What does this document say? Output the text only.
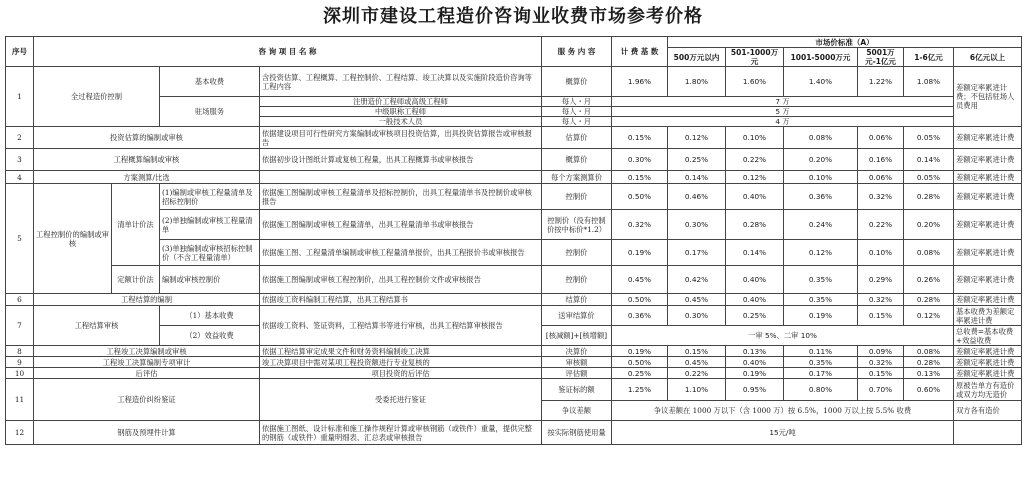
深圳市建设工程造价咨询业收费市场参考价格
序号	咨 询 项 目 名 称				服 务 内 容	计 费 基 数	市场价标准（A）	
							500万元以内	501-1000万元	1001-5000万元	5001万元-1亿元	1-6亿元	6亿元以上	
1	全过程造价控制		基本收费	含投资估算、工程概算、工程控制价、工程结算、竣工决算以及实施阶段造价咨询等工程内容	概算价	1.96%	1.80%	1.60%	1.40%	1.22%	1.08%	差额定率累进计费；不包括驻场人员费用	
			驻场服务	注册造价工程师或高级工程师	每人・月	7 万							
				中级职称工程师	每人・月	5 万							
				一般技术人员	每人・月	4 万							
2	投资估算的编制或审核			依据建设项目可行性研究方案编制或审核项目投资估算，出具投资估算报告或审核报告	估算价	0.15%	0.12%	0.10%	0.08%	0.06%	0.05%	差额定率累进计费	
3	工程概算编制或审核			依据初步设计图纸计算或复核工程量，出具工程概算书或审核报告	概算价	0.30%	0.25%	0.22%	0.20%	0.16%	0.14%	差额定率累进计费	
4	方案测算/比选				每个方案测算价	0.15%	0.14%	0.12%	0.10%	0.06%	0.05%	差额定率累进计费	
5	工程控制价的编制或审核	清单计价法	(1)编制或审核工程量清单及招标控制价	依据施工图编制或审核工程量清单及招标控制价，出具工程量清单书及控制价或审核报告	控制价	0.50%	0.46%	0.40%	0.36%	0.32%	0.28%	差额定率累进计费	
			(2)单独编制或审核工程量清单	依据施工图编制或审核工程量清单，出具工程量清单书或审核报告	控制价（没有控制价按中标价*1.2）	0.32%	0.30%	0.28%	0.24%	0.22%	0.20%	差额定率累进计费	
			(3)单独编制或审核招标控制价（不含工程量清单）	依据施工图、工程量清单编制或审核工程量清单报价，出具工程报价书或审核报告	控制价	0.19%	0.17%	0.14%	0.12%	0.10%	0.08%	差额定率累进计费	
		定额计价法	编制或审核控制价	依据施工图编制或审核工程控制价，出具工程控制价文件或审核报告	控制价	0.45%	0.42%	0.40%	0.35%	0.29%	0.26%	差额定率累进计费	
6	工程结算的编制			依据竣工资料编制工程结算，出具工程结算书	结算价	0.50%	0.45%	0.40%	0.35%	0.32%	0.28%	差额定率累进计费	
7	工程结算审核		（1）基本收费	依据竣工资料、签证资料，工程结算书等进行审核，出具工程结算审核报告	送审结算价	0.36%	0.30%	0.25%	0.19%	0.15%	0.12%	基本收费为差额定率累进计费	
			（2）效益收费		[核减额]+[核增额]	一审 5%、二审 10%						总收费=基本收费+效益收费	
8	工程竣工决算编制或审核			依据工程结算审定成果文件和财务资料编制竣工决算	决算价	0.19%	0.15%	0.13%	0.11%	0.09%	0.08%	差额定率累进计费	
9	工程竣工决算编制专项审计			竣工决算项目中需对某项工程投资额进行专业复核的	审核额	0.50%	0.45%	0.40%	0.35%	0.32%	0.28%	差额定率累进计费	
10	后评估			项目投资的后评估	评估额	0.25%	0.22%	0.19%	0.17%	0.15%	0.13%	差额定率累进计费	
11	工程造价纠纷鉴证			受委托进行鉴证	鉴证标的额	1.25%	1.10%	0.95%	0.80%	0.70%	0.60%	原被告单方有造价或双方均无造价	
					争议差额	争议差额在 1000 万以下（含 1000 万）按 6.5%，1000 万以上按 5.5% 收费						双方各有造价	
12	钢筋及预埋件计算			依据施工图纸、设计标准和施工操作规程计算或审核钢筋（或铁件）重量，提供完整的钢筋（或铁件）重量明细表、汇总表或审核报告	按实际钢筋使用量	15元/吨							
